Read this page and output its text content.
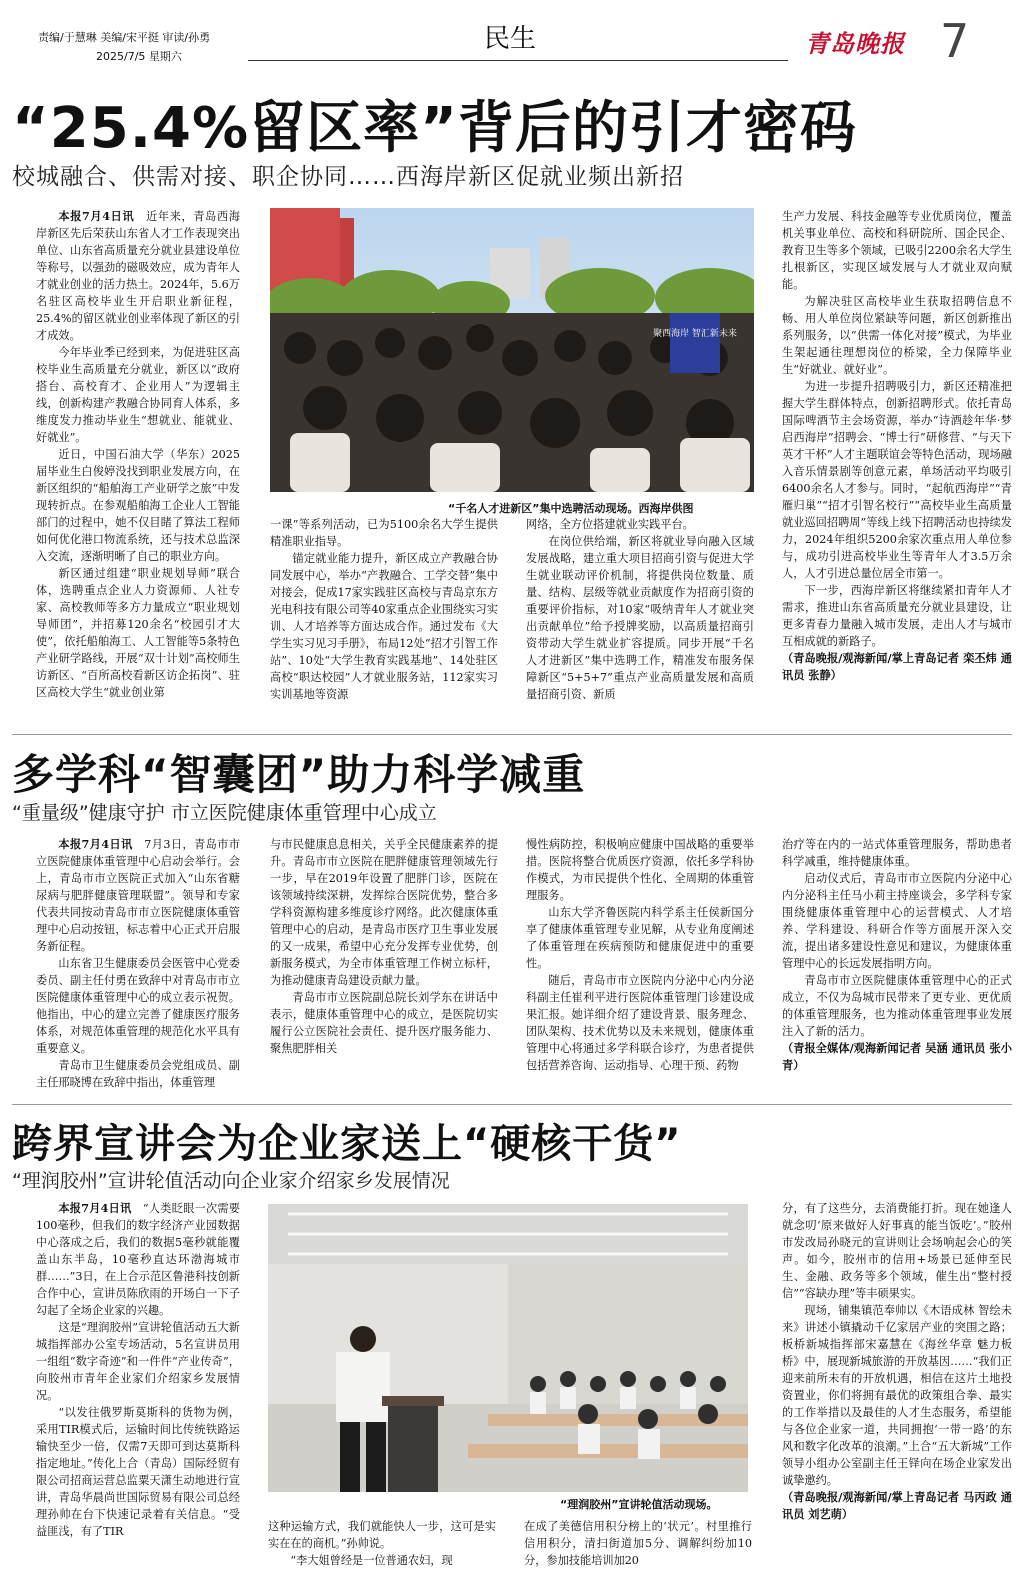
责编/于慧琳 美编/宋平挺 审读/孙勇
2025/7/5 星期六
民生	青岛晚报 7
“25.4%留区率”背后的引才密码
校城融合、供需对接、职企协同……西海岸新区促就业频出新招

本报7月4日讯　 近年来，青岛西海岸新区先后荣获山东省人才工作表现突出单位、山东省高质量充分就业县建设单位等称号，以强劲的磁吸效应，成为青年人才就业创业的活力热土。2024年，5.6万名驻区高校毕业生开启职业新征程，25.4%的留区就业创业率体现了新区的引才成效。

今年毕业季已经到来，为促进驻区高校毕业生高质量充分就业，新区以“政府搭台、高校育才、企业用人”为逻辑主线，创新构建产教融合协同育人体系，多维度发力推动毕业生“想就业、能就业、好就业”。

近日，中国石油大学（华东）2025届毕业生白俊婷没找到职业发展方向，在新区组织的“船舶海工产业研学之旅”中发现转折点。在参观船舶海工企业人工智能部门的过程中，她不仅目睹了算法工程师如何优化港口物流系统，还与技术总监深入交流，逐渐明晰了自己的职业方向。

新区通过组建“职业规划导师”联合体，选聘重点企业人力资源师、人社专家、高校教师等多方力量成立“职业规划导师团”，并招募120余名“校园引才大使”，依托船舶海工、人工智能等5条特色产业研学路线，开展“双十计划”高校师生访新区、“百所高校看新区访企拓岗”、驻区高校大学生“就业创业第

聚西海岸 智汇新未来
“千名人才进新区”集中选聘活动现场。西海岸供图

一课”等系列活动，已为5100余名大学生提供精准职业指导。

锚定就业能力提升，新区成立产教融合协同发展中心，举办“产教融合、工学交替”集中对接会，促成17家实践驻区高校与青岛京东方光电科技有限公司等40家重点企业围绕实习实训、人才培养等方面达成合作。通过发布《大学生实习见习手册》，布局12处“招才引智工作站”、10处“大学生教育实践基地”、14处驻区高校“职达校园”人才就业服务站，112家实习实训基地等资源

网络，全方位搭建就业实践平台。

在岗位供给端，新区将就业导向融入区域发展战略，建立重大项目招商引资与促进大学生就业联动评价机制，将提供岗位数量、质量、结构、层级等就业贡献度作为招商引资的重要评价指标，对10家“吸纳青年人才就业突出贡献单位”给予授牌奖励，以高质量招商引资带动大学生就业扩容提质。同步开展“千名人才进新区”集中选聘工作，精准发布服务保障新区“5+5+7”重点产业高质量发展和高质量招商引资、新质

生产力发展、科技金融等专业优质岗位，覆盖机关事业单位、高校和科研院所、国企民企、教育卫生等多个领域，已吸引2200余名大学生扎根新区，实现区域发展与人才就业双向赋能。

为解决驻区高校毕业生获取招聘信息不畅、用人单位岗位紧缺等问题，新区创新推出系列服务，以“供需一体化对接”模式，为毕业生架起通往理想岗位的桥梁，全力保障毕业生“好就业、就好业”。

为进一步提升招聘吸引力，新区还精准把握大学生群体特点，创新招聘形式。依托青岛国际啤酒节主会场资源，举办“诗酒趁年华·梦启西海岸”招聘会、“博士行”研修营、“与天下英才干杯”人才主题联谊会等特色活动，现场融入音乐情景剧等创意元素，单场活动平均吸引6400余名人才参与。同时，“起航西海岸”“青雁归巢”“招才引智名校行”“高校毕业生高质量就业巡回招聘周”等线上线下招聘活动也持续发力，2024年组织5200余家次重点用人单位参与，成功引进高校毕业生等青年人才3.5万余人，人才引进总量位居全市第一。

下一步，西海岸新区将继续紧扣青年人才需求，推进山东省高质量充分就业县建设，让更多青春力量融入城市发展，走出人才与城市互相成就的新路子。

（青岛晚报/观海新闻/掌上青岛记者 栾丕炜 通讯员 张静）

多学科“智囊团”助力科学减重
“重量级”健康守护 市立医院健康体重管理中心成立

本报7月4日讯　 7月3日，青岛市市立医院健康体重管理中心启动会举行。会上，青岛市市立医院正式加入“山东省糖尿病与肥胖健康管理联盟”。领导和专家代表共同按动青岛市市立医院健康体重管理中心启动按钮，标志着中心正式开启服务新征程。

山东省卫生健康委员会医管中心党委委员、副主任付勇在致辞中对青岛市市立医院健康体重管理中心的成立表示祝贺。他指出，中心的建立完善了健康医疗服务体系，对规范体重管理的规范化水平具有重要意义。

青岛市卫生健康委员会党组成员、副主任邢晓博在致辞中指出，体重管理

与市民健康息息相关，关乎全民健康素养的提升。青岛市市立医院在肥胖健康管理领域先行一步，早在2019年设置了肥胖门诊，医院在该领域持续深耕，发挥综合医院优势，整合多学科资源构建多维度诊疗网络。此次健康体重管理中心的启动，是青岛市医疗卫生事业发展的又一成果，希望中心充分发挥专业优势，创新服务模式，为全市体重管理工作树立标杆，为推动健康青岛建设贡献力量。

青岛市市立医院副总院长刘学东在讲话中表示，健康体重管理中心的成立，是医院切实履行公立医院社会责任、提升医疗服务能力、聚焦肥胖相关

慢性病防控，积极响应健康中国战略的重要举措。医院将整合优质医疗资源，依托多学科协作模式，为市民提供个性化、全周期的体重管理服务。

山东大学齐鲁医院内科学系主任侯新国分享了健康体重管理专业见解，从专业角度阐述了体重管理在疾病预防和健康促进中的重要性。

随后，青岛市市立医院内分泌中心内分泌科副主任崔利平进行医院体重管理门诊建设成果汇报。她详细介绍了建设背景、服务理念、团队架构、技术优势以及未来规划，健康体重管理中心将通过多学科联合诊疗，为患者提供包括营养咨询、运动指导、心理干预、药物

治疗等在内的一站式体重管理服务，帮助患者科学减重，维持健康体重。

启动仪式后，青岛市市立医院内分泌中心内分泌科主任马小莉主持座谈会，多学科专家围绕健康体重管理中心的运营模式、人才培养、学科建设、科研合作等方面展开深入交流，提出诸多建设性意见和建议，为健康体重管理中心的长远发展指明方向。

青岛市市立医院健康体重管理中心的正式成立，不仅为岛城市民带来了更专业、更优质的体重管理服务，也为推动体重管理事业发展注入了新的活力。

（青报全媒体/观海新闻记者 吴涵 通讯员 张小青）

跨界宣讲会为企业家送上“硬核干货”
“理润胶州”宣讲轮值活动向企业家介绍家乡发展情况

本报7月4日讯　 “人类眨眼一次需要100毫秒，但我们的数字经济产业园数据中心落成之后，我们的数据5毫秒就能覆盖山东半岛，10毫秒直达环渤海城市群……”3日，在上合示范区鲁港科技创新合作中心，宣讲员陈欣雨的开场白一下子勾起了全场企业家的兴趣。

这是“理润胶州”宣讲轮值活动五大新城指挥部办公室专场活动，5名宣讲员用一组组“数字奇迹”和一件件“产业传奇”，向胶州市青年企业家们介绍家乡发展情况。

“以发往俄罗斯莫斯科的货物为例，采用TIR模式后，运输时间比传统铁路运输快至少一倍，仅需7天即可到达莫斯科指定地址。”传化上合（青岛）国际经贸有限公司招商运营总监粟天潇生动地进行宣讲，青岛华晨尚世国际贸易有限公司总经理孙帅在台下快速记录着有关信息。“受益匪浅，有了TIR

“理润胶州”宣讲轮值活动现场。

这种运输方式，我们就能快人一步，这可是实实在在的商机。”孙帅说。

“李大姐曾经是一位普通农妇，现

在成了美德信用积分榜上的‘状元’。村里推行信用积分，清扫街道加5分、调解纠纷加10分，参加技能培训加20

分，有了这些分，去消费能打折。现在她逢人就念叨‘原来做好人好事真的能当饭吃’。”胶州市发改局孙晓元的宣讲则让会场响起会心的笑声。如今，胶州市的信用+场景已延伸至民生、金融、政务等多个领域，催生出“整村授信”“容缺办理”等丰硕果实。

现场，铺集镇范奉帅以《木语成林 智绘未来》讲述小镇撬动千亿家居产业的突围之路；板桥新城指挥部宋嘉慧在《海丝华章 魅力板桥》中，展现新城旅游的开放基因……“我们正迎来前所未有的开放机遇，相信在这片土地投资置业，你们将拥有最优的政策组合拳、最实的工作举措以及最佳的人才生态服务，希望能与各位企业家一道，共同拥抱‘一带一路’的东风和数字化改革的浪潮。”上合“五大新城”工作领导小组办公室副主任王铎向在场企业家发出诚挚邀约。

（青岛晚报/观海新闻/掌上青岛记者 马丙政 通讯员 刘艺萌）
